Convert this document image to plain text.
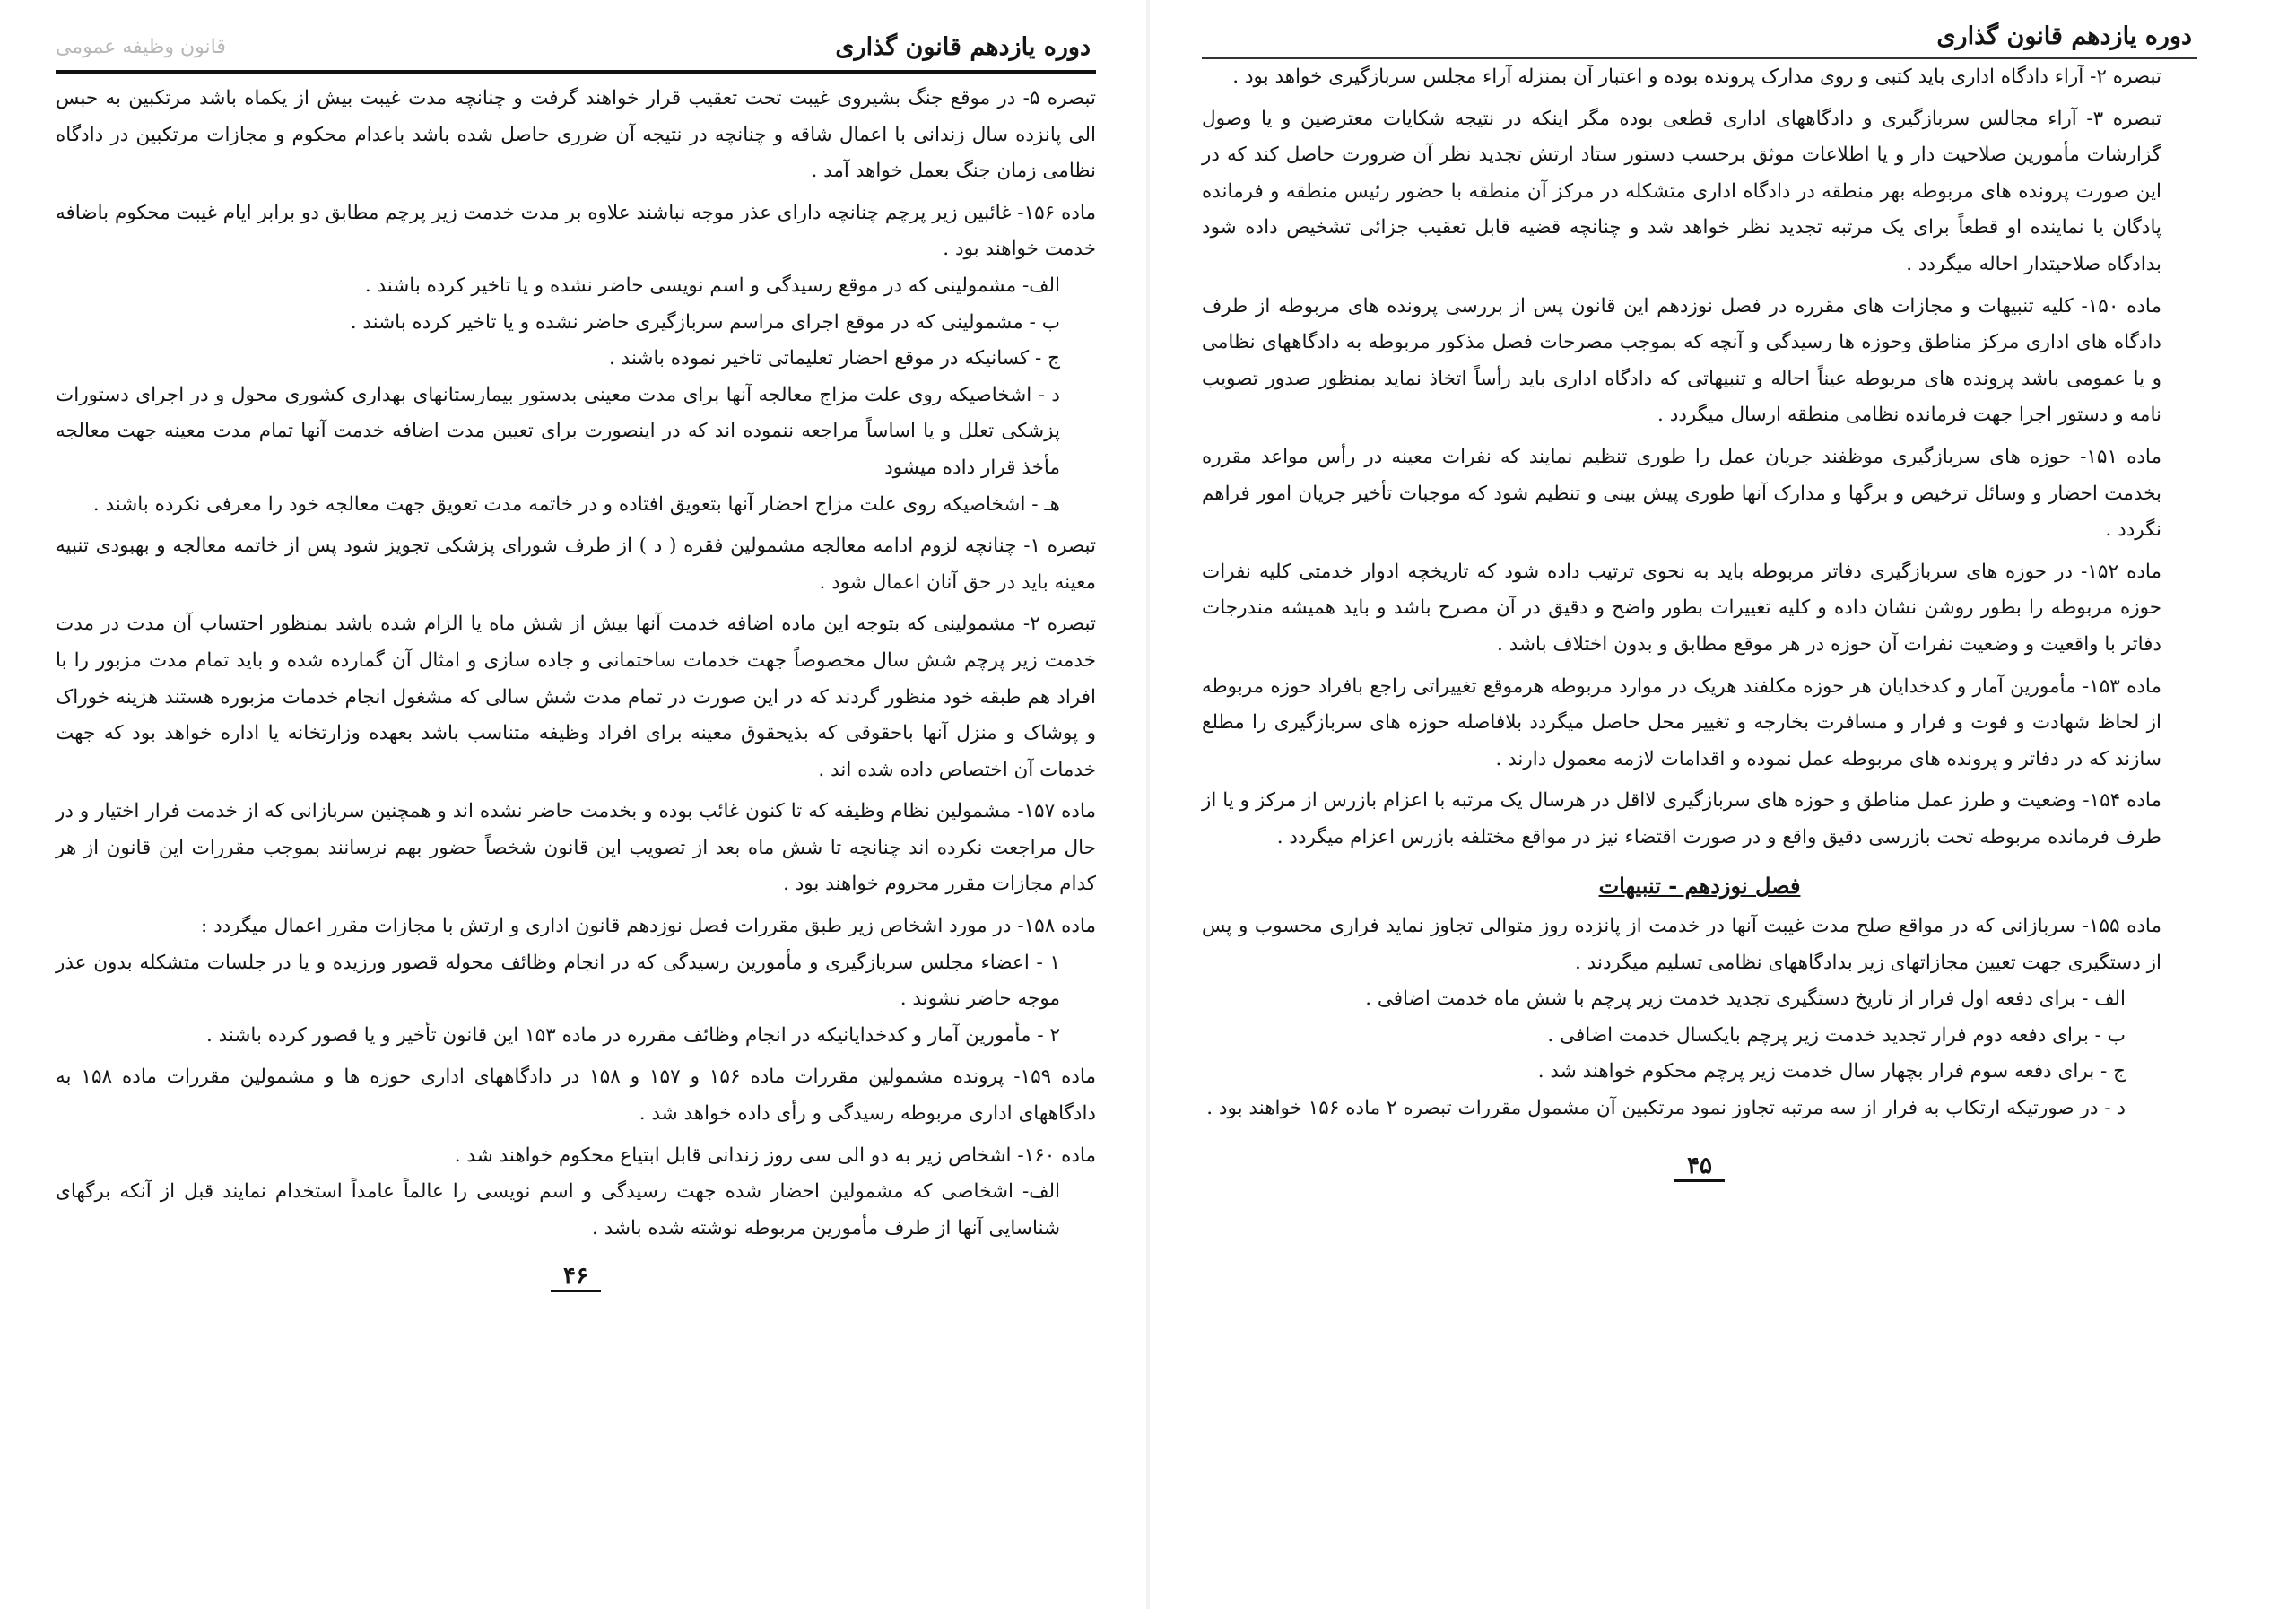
دوره یازدهم قانون گذاری
قانون وظیفه عمومی

تبصره ۵- در موقع جنگ بشیروی غیبت تحت تعقیب قرار خواهند گرفت و چنانچه مدت غیبت بیش از یکماه باشد مرتکبین به حبس الی پانزده سال زندانی با اعمال شاقه و چنانچه در نتیجه آن ضرری حاصل شده باشد باعدام محکوم و مجازات مرتکبین در دادگاه نظامی زمان جنگ بعمل خواهد آمد .

ماده ۱۵۶- غائبین زیر پرچم چنانچه دارای عذر موجه نباشند علاوه بر مدت خدمت زیر پرچم مطابق دو برابر ایام غیبت محکوم باضافه خدمت خواهند بود .

الف- مشمولینی که در موقع رسیدگی و اسم نویسی حاضر نشده و یا تاخیر کرده باشند .

ب - مشمولینی که در موقع اجرای مراسم سربازگیری حاضر نشده و یا تاخیر کرده باشند .

ج - کسانیکه در موقع احضار تعلیماتی تاخیر نموده باشند .

د - اشخاصیکه روی علت مزاج معالجه آنها برای مدت معینی بدستور بیمارستانهای بهداری کشوری محول و در اجرای دستورات پزشکی تعلل و یا اساساً مراجعه ننموده اند که در اینصورت برای تعیین مدت اضافه خدمت آنها تمام مدت معینه جهت معالجه مأخذ قرار داده میشود

هـ - اشخاصیکه روی علت مزاج احضار آنها بتعویق افتاده و در خاتمه مدت تعویق جهت معالجه خود را معرفی نکرده باشند .

تبصره ۱- چنانچه لزوم ادامه معالجه مشمولین فقره ( د ) از طرف شورای پزشکی تجویز شود پس از خاتمه معالجه و بهبودی تنبیه معینه باید در حق آنان اعمال شود .

تبصره ۲- مشمولینی که بتوجه این ماده اضافه خدمت آنها بیش از شش ماه یا الزام شده باشد بمنظور احتساب آن مدت در مدت خدمت زیر پرچم شش سال مخصوصاً جهت خدمات ساختمانی و جاده سازی و امثال آن گمارده شده و باید تمام مدت مزبور را با افراد هم طبقه خود منظور گردند که در این صورت در تمام مدت شش سالی که مشغول انجام خدمات مزبوره هستند هزینه خوراک و پوشاک و منزل آنها باحقوقی که بذیحقوق معینه برای افراد وظیفه متناسب باشد بعهده وزارتخانه یا اداره خواهد بود که جهت خدمات آن اختصاص داده شده اند .

ماده ۱۵۷- مشمولین نظام وظیفه که تا کنون غائب بوده و بخدمت حاضر نشده اند و همچنین سربازانی که از خدمت فرار اختیار و در حال مراجعت نکرده اند چنانچه تا شش ماه بعد از تصویب این قانون شخصاً حضور بهم نرسانند بموجب مقررات این قانون از هر کدام مجازات مقرر محروم خواهند بود .

ماده ۱۵۸- در مورد اشخاص زیر طبق مقررات فصل نوزدهم قانون اداری و ارتش با مجازات مقرر اعمال میگردد :

۱ - اعضاء مجلس سربازگیری و مأمورین رسیدگی که در انجام وظائف محوله قصور ورزیده و یا در جلسات متشکله بدون عذر موجه حاضر نشوند .

۲ - مأمورین آمار و کدخدایانیکه در انجام وظائف مقرره در ماده ۱۵۳ این قانون تأخیر و یا قصور کرده باشند .

ماده ۱۵۹- پرونده مشمولین مقررات ماده ۱۵۶ و ۱۵۷ و ۱۵۸ در دادگاههای اداری حوزه ها و مشمولین مقررات ماده ۱۵۸ به دادگاههای اداری مربوطه رسیدگی و رأی داده خواهد شد .

ماده ۱۶۰- اشخاص زیر به دو الی سی روز زندانی قابل ابتیاع محکوم خواهند شد .

الف- اشخاصی که مشمولین احضار شده جهت رسیدگی و اسم نویسی را عالماً عامداً استخدام نمایند قبل از آنکه برگهای شناسایی آنها از طرف مأمورین مربوطه نوشته شده باشد .

۴۶
دوره یازدهم قانون گذاری

تبصره ۲- آراء دادگاه اداری باید کتبی و روی مدارک پرونده بوده و اعتبار آن بمنزله آراء مجلس سربازگیری خواهد بود .

تبصره ۳- آراء مجالس سربازگیری و دادگاههای اداری قطعی بوده مگر اینکه در نتیجه شکایات معترضین و یا وصول گزارشات مأمورین صلاحیت دار و یا اطلاعات موثق برحسب دستور ستاد ارتش تجدید نظر آن ضرورت حاصل کند که در این صورت پرونده های مربوطه بهر منطقه در دادگاه اداری متشکله در مرکز آن منطقه با حضور رئیس منطقه و فرمانده پادگان یا نماینده او قطعاً برای یک مرتبه تجدید نظر خواهد شد و چنانچه قضیه قابل تعقیب جزائی تشخیص داده شود بدادگاه صلاحیتدار احاله میگردد .

ماده ۱۵۰- کلیه تنبیهات و مجازات های مقرره در فصل نوزدهم این قانون پس از بررسی پرونده های مربوطه از طرف دادگاه های اداری مرکز مناطق وحوزه ها رسیدگی و آنچه که بموجب مصرحات فصل مذکور مربوطه به دادگاههای نظامی و یا عمومی باشد پرونده های مربوطه عیناً احاله و تنبیهاتی که دادگاه اداری باید رأساً اتخاذ نماید بمنظور صدور تصویب نامه و دستور اجرا جهت فرمانده نظامی منطقه ارسال میگردد .

ماده ۱۵۱- حوزه های سربازگیری موظفند جریان عمل را طوری تنظیم نمایند که نفرات معینه در رأس مواعد مقرره بخدمت احضار و وسائل ترخیص و برگها و مدارک آنها طوری پیش بینی و تنظیم شود که موجبات تأخیر جریان امور فراهم نگردد .

ماده ۱۵۲- در حوزه های سربازگیری دفاتر مربوطه باید به نحوی ترتیب داده شود که تاریخچه ادوار خدمتی کلیه نفرات حوزه مربوطه را بطور روشن نشان داده و کلیه تغییرات بطور واضح و دقیق در آن مصرح باشد و باید همیشه مندرجات دفاتر با واقعیت و وضعیت نفرات آن حوزه در هر موقع مطابق و بدون اختلاف باشد .

ماده ۱۵۳- مأمورین آمار و کدخدایان هر حوزه مکلفند هریک در موارد مربوطه هرموقع تغییراتی راجع بافراد حوزه مربوطه از لحاظ شهادت و فوت و فرار و مسافرت بخارجه و تغییر محل حاصل میگردد بلافاصله حوزه های سربازگیری را مطلع سازند که در دفاتر و پرونده های مربوطه عمل نموده و اقدامات لازمه معمول دارند .

ماده ۱۵۴- وضعیت و طرز عمل مناطق و حوزه های سربازگیری لااقل در هرسال یک مرتبه با اعزام بازرس از مرکز و یا از طرف فرمانده مربوطه تحت بازرسی دقیق واقع و در صورت اقتضاء نیز در مواقع مختلفه بازرس اعزام میگردد .

فصل نوزدهم - تنبیهات

ماده ۱۵۵- سربازانی که در مواقع صلح مدت غیبت آنها در خدمت از پانزده روز متوالی تجاوز نماید فراری محسوب و پس از دستگیری جهت تعیین مجازاتهای زیر بدادگاههای نظامی تسلیم میگردند .

الف - برای دفعه اول فرار از تاریخ دستگیری تجدید خدمت زیر پرچم با شش ماه خدمت اضافی .

ب - برای دفعه دوم فرار تجدید خدمت زیر پرچم بایکسال خدمت اضافی .

ج - برای دفعه سوم فرار بچهار سال خدمت زیر پرچم محکوم خواهند شد .

د - در صورتیکه ارتکاب به فرار از سه مرتبه تجاوز نمود مرتکبین آن مشمول مقررات تبصره ۲ ماده ۱۵۶ خواهند بود .

۴۵
